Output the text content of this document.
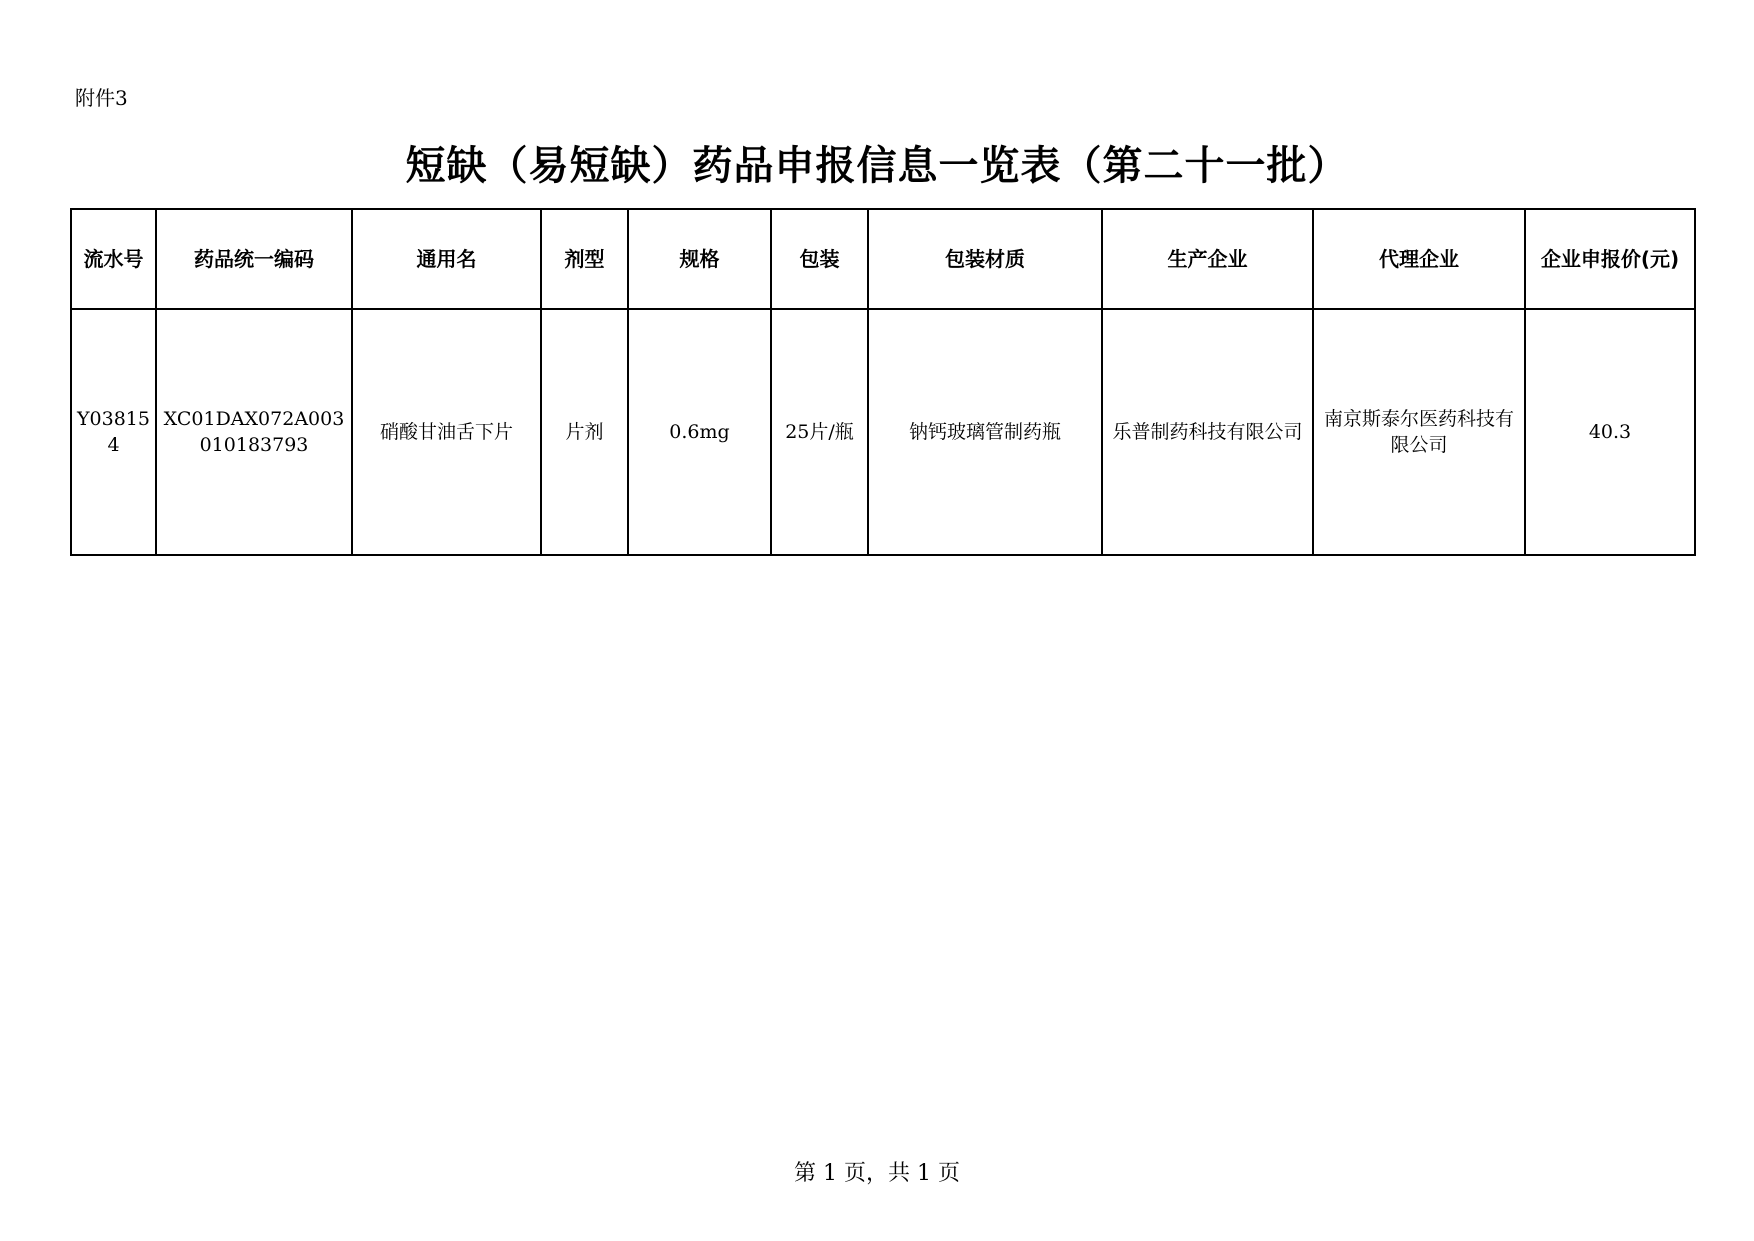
附件3
短缺（易短缺）药品申报信息一览表（第二十一批）
流水号	药品统一编码	通用名	剂型	规格	包装	包装材质	生产企业	代理企业	企业申报价(元)
Y038154	XC01DAX072A003010183793	硝酸甘油舌下片	片剂	0.6mg	25片/瓶	钠钙玻璃管制药瓶	乐普制药科技有限公司	南京斯泰尔医药科技有限公司	40.3
第 1 页，共 1 页
